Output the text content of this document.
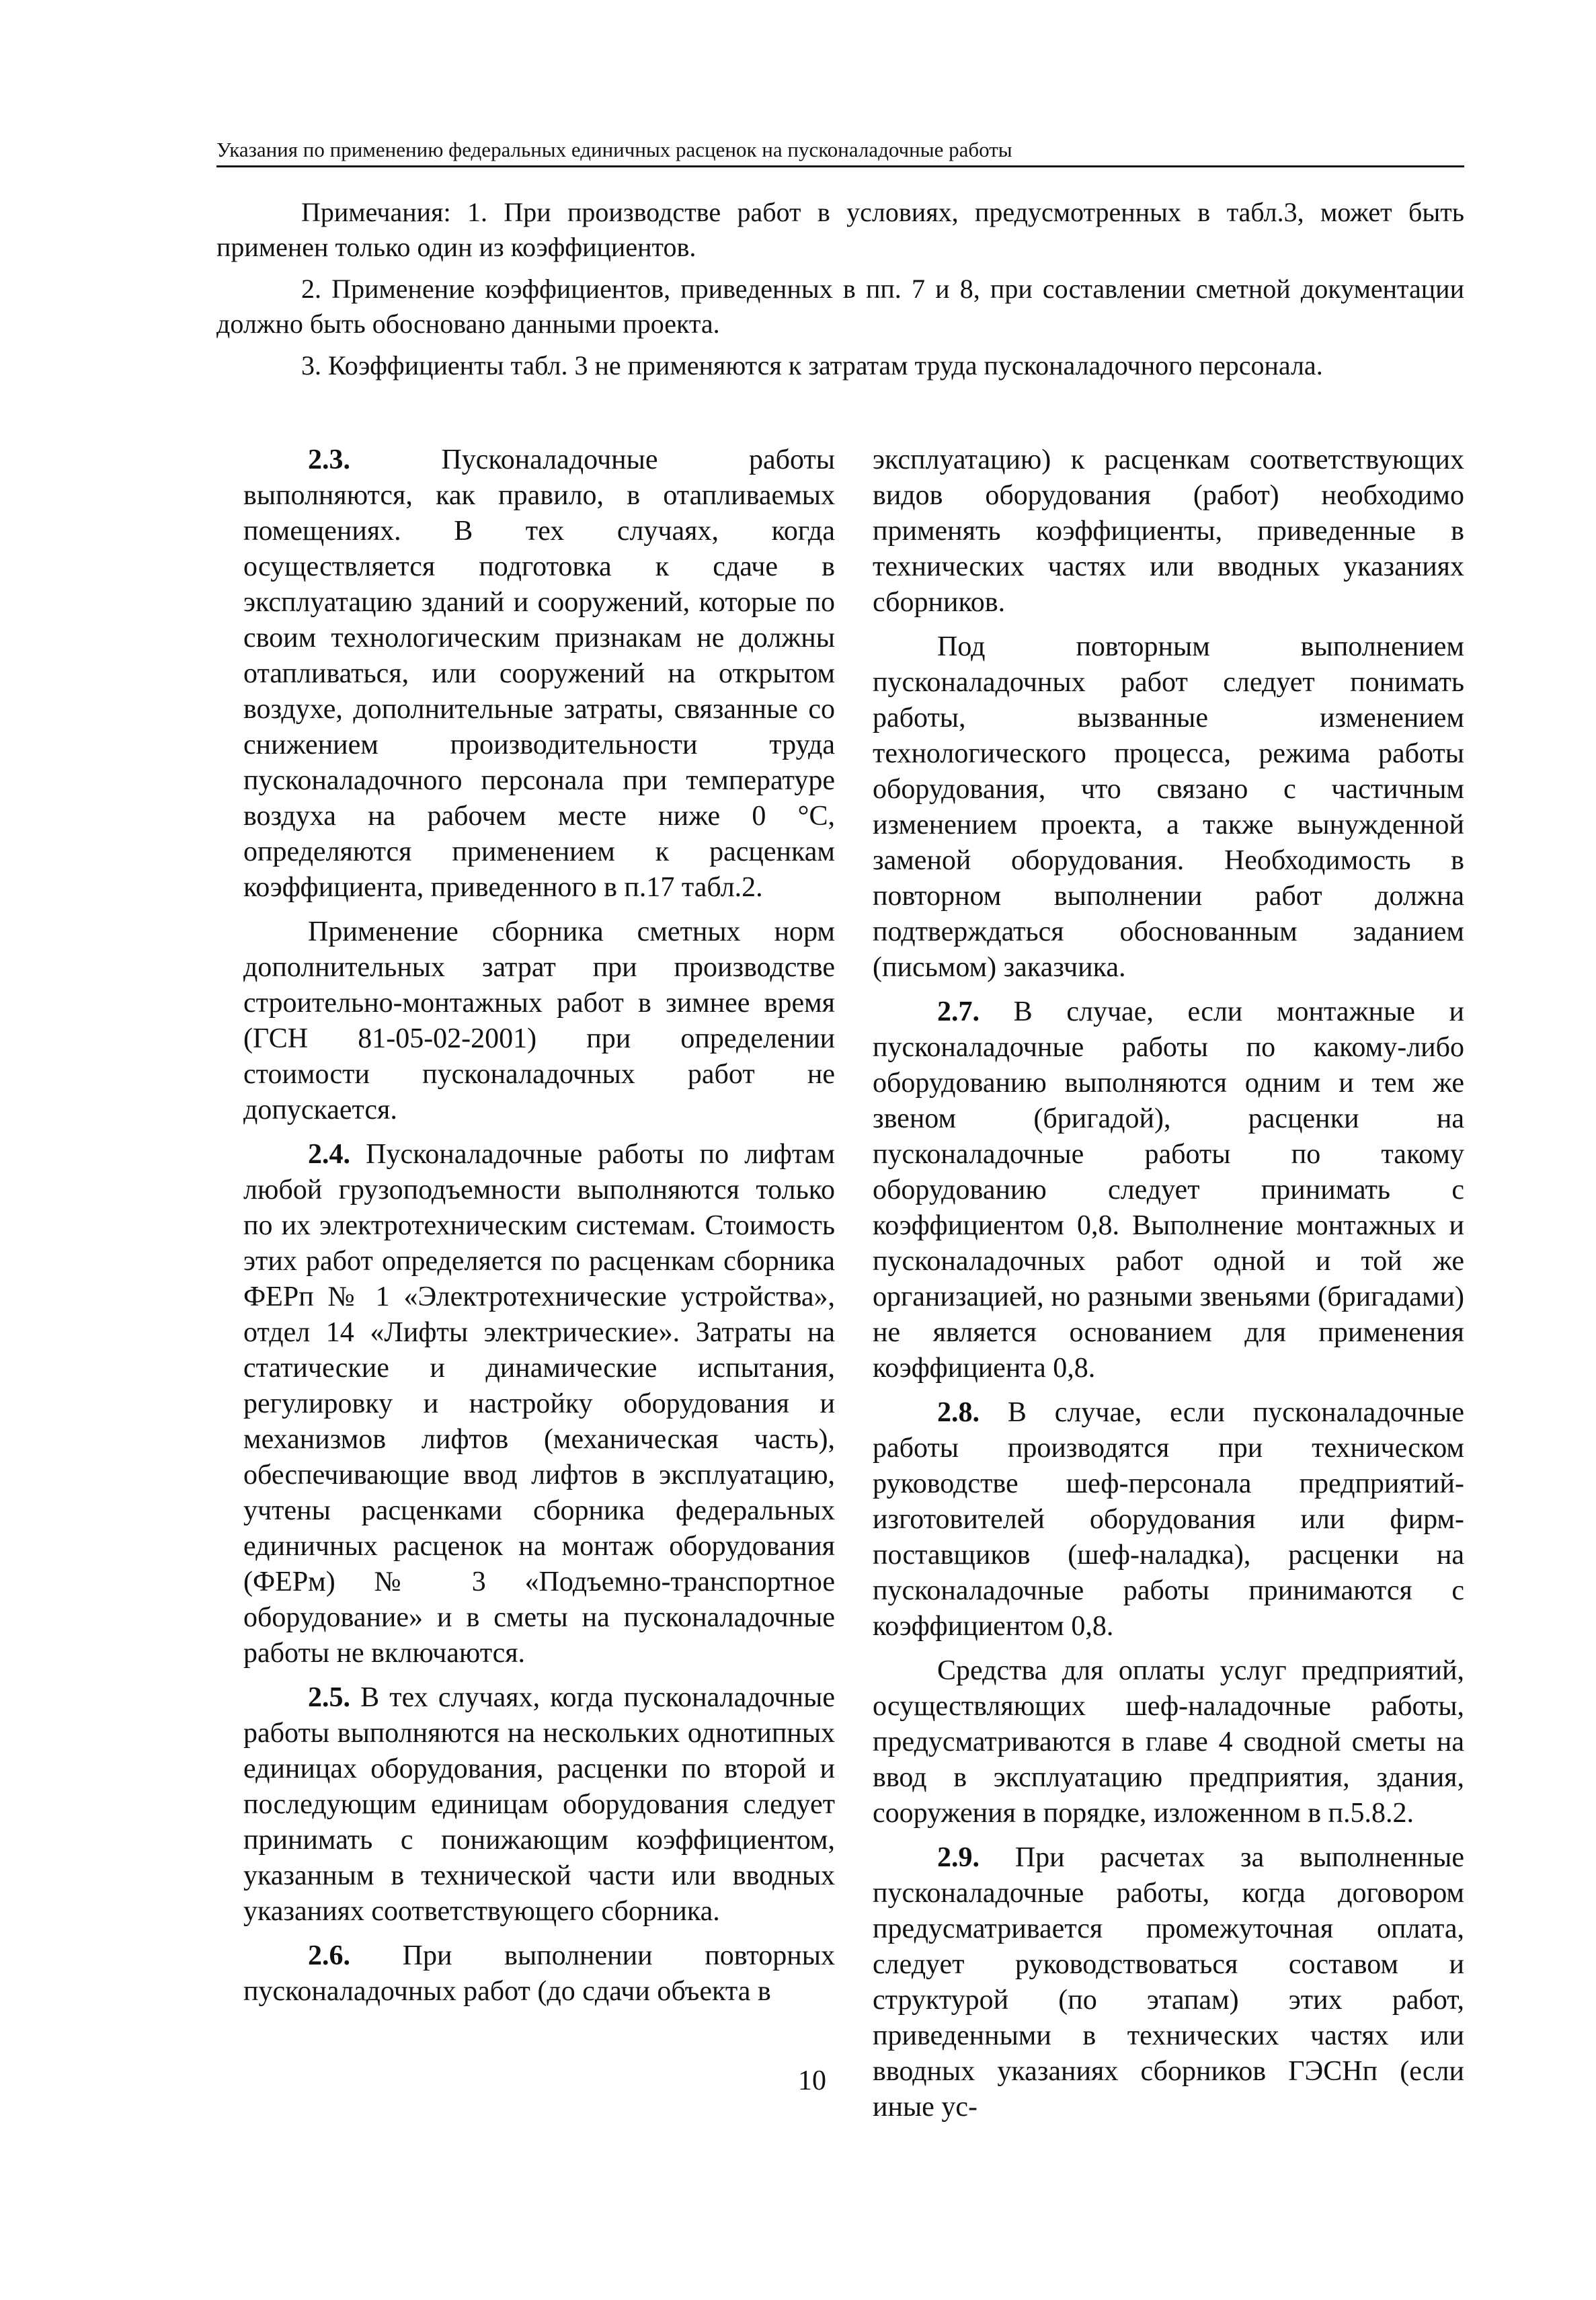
Указания по применению федеральных единичных расценок на пусконаладочные работы

Примечания: 1. При производстве работ в условиях, предусмотренных в табл.3, может быть применен только один из коэффициентов.

2. Применение коэффициентов, приведенных в пп. 7 и 8, при составлении сметной документации должно быть обосновано данными проекта.

3. Коэффициенты табл. 3 не применяются к затратам труда пусконаладочного персонала.

2.3. Пусконаладочные работы выполняются, как правило, в отапливаемых помещениях. В тех случаях, когда осуществляется подготовка к сдаче в эксплуатацию зданий и сооружений, которые по своим технологическим признакам не должны отапливаться, или сооружений на открытом воздухе, дополнительные затраты, связанные со снижением производительности труда пусконаладочного персонала при температуре воздуха на рабочем месте ниже 0 °С, определяются применением к расценкам коэффициента, приведенного в п.17 табл.2.

Применение сборника сметных норм дополнительных затрат при производстве строительно-монтажных работ в зимнее время (ГСН 81-05-02-2001) при определении стоимости пусконаладочных работ не допускается.

2.4. Пусконаладочные работы по лифтам любой грузоподъемности выполняются только по их электротехническим системам. Стоимость этих работ определяется по расценкам сборника ФЕРп № 1 «Электротехнические устройства», отдел 14 «Лифты электрические». Затраты на статические и динамические испытания, регулировку и настройку оборудования и механизмов лифтов (механическая часть), обеспечивающие ввод лифтов в эксплуатацию, учтены расценками сборника федеральных единичных расценок на монтаж оборудования (ФЕРм) № 3 «Подъемно-транспортное оборудование» и в сметы на пусконаладочные работы не включаются.

2.5. В тех случаях, когда пусконаладочные работы выполняются на нескольких однотипных единицах оборудования, расценки по второй и последующим единицам оборудования следует принимать с понижающим коэффициентом, указанным в технической части или вводных указаниях соответствующего сборника.

2.6. При выполнении повторных пусконаладочных работ (до сдачи объекта в

эксплуатацию) к расценкам соответствующих видов оборудования (работ) необходимо применять коэффициенты, приведенные в технических частях или вводных указаниях сборников.

Под повторным выполнением пусконаладочных работ следует понимать работы, вызванные изменением технологического процесса, режима работы оборудования, что связано с частичным изменением проекта, а также вынужденной заменой оборудования. Необходимость в повторном выполнении работ должна подтверждаться обоснованным заданием (письмом) заказчика.

2.7. В случае, если монтажные и пусконаладочные работы по какому-либо оборудованию выполняются одним и тем же звеном (бригадой), расценки на пусконаладочные работы по такому оборудованию следует принимать с коэффициентом 0,8. Выполнение монтажных и пусконаладочных работ одной и той же организацией, но разными звеньями (бригадами) не является основанием для применения коэффициента 0,8.

2.8. В случае, если пусконаладочные работы производятся при техническом руководстве шеф-персонала предприятий-изготовителей оборудования или фирм-поставщиков (шеф-наладка), расценки на пусконаладочные работы принимаются с коэффициентом 0,8.

Средства для оплаты услуг предприятий, осуществляющих шеф-наладочные работы, предусматриваются в главе 4 сводной сметы на ввод в эксплуатацию предприятия, здания, сооружения в порядке, изложенном в п.5.8.2.

2.9. При расчетах за выполненные пусконаладочные работы, когда договором предусматривается промежуточная оплата, следует руководствоваться составом и структурой (по этапам) этих работ, приведенными в технических частях или вводных указаниях сборников ГЭСНп (если иные ус-

10
